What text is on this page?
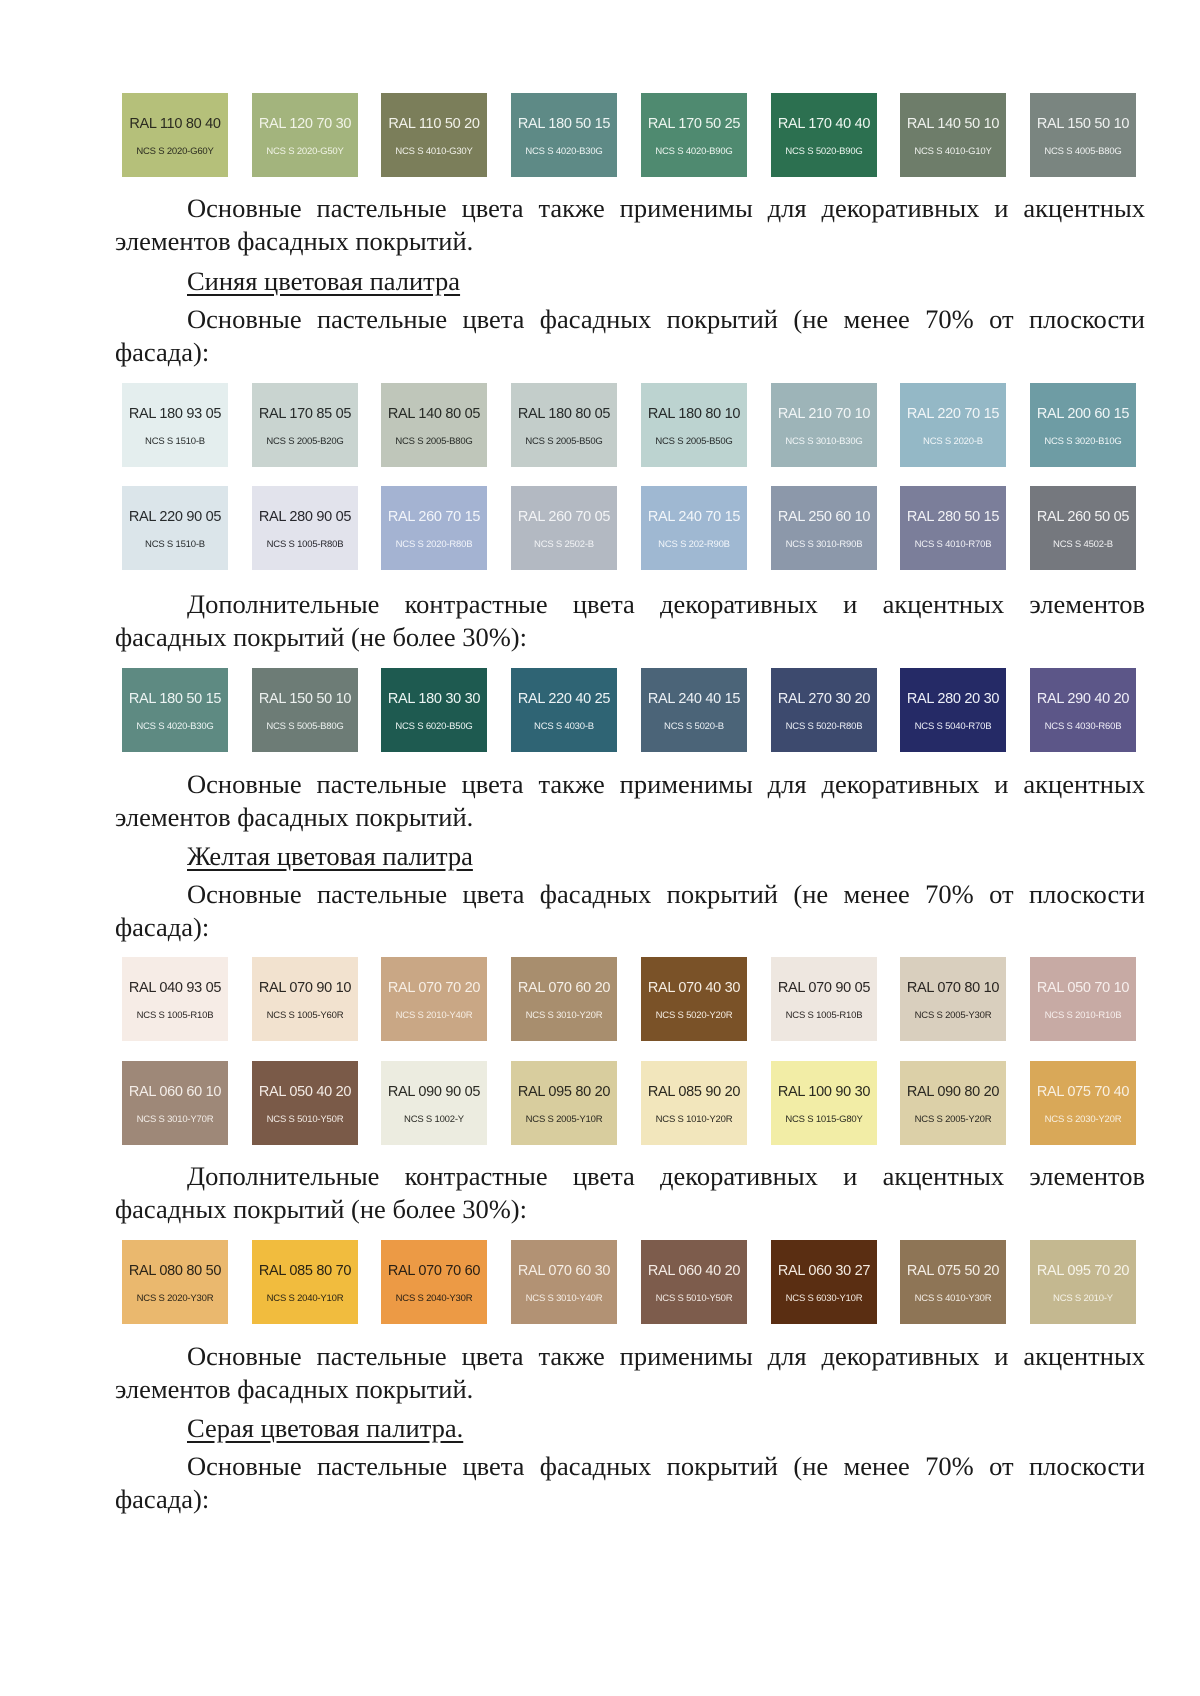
RAL 110 80 40
NCS S 2020-G60Y
RAL 120 70 30
NCS S 2020-G50Y
RAL 110 50 20
NCS S 4010-G30Y
RAL 180 50 15
NCS S 4020-B30G
RAL 170 50 25
NCS S 4020-B90G
RAL 170 40 40
NCS S 5020-B90G
RAL 140 50 10
NCS S 4010-G10Y
RAL 150 50 10
NCS S 4005-B80G

Основные пастельные цвета также применимы для декоративных и акцентных
элементов фасадных покрытий.

Синяя цветовая палитра

Основные пастельные цвета фасадных покрытий (не менее 70% от плоскости
фасада):

RAL 180 93 05
NCS S 1510-B
RAL 170 85 05
NCS S 2005-B20G
RAL 140 80 05
NCS S 2005-B80G
RAL 180 80 05
NCS S 2005-B50G
RAL 180 80 10
NCS S 2005-B50G
RAL 210 70 10
NCS S 3010-B30G
RAL 220 70 15
NCS S 2020-B
RAL 200 60 15
NCS S 3020-B10G
RAL 220 90 05
NCS S 1510-B
RAL 280 90 05
NCS S 1005-R80B
RAL 260 70 15
NCS S 2020-R80B
RAL 260 70 05
NCS S 2502-B
RAL 240 70 15
NCS S 202-R90B
RAL 250 60 10
NCS S 3010-R90B
RAL 280 50 15
NCS S 4010-R70B
RAL 260 50 05
NCS S 4502-B

Дополнительные контрастные цвета декоративных и акцентных элементов
фасадных покрытий (не более 30%):

RAL 180 50 15
NCS S 4020-B30G
RAL 150 50 10
NCS S 5005-B80G
RAL 180 30 30
NCS S 6020-B50G
RAL 220 40 25
NCS S 4030-B
RAL 240 40 15
NCS S 5020-B
RAL 270 30 20
NCS S 5020-R80B
RAL 280 20 30
NCS S 5040-R70B
RAL 290 40 20
NCS S 4030-R60B

Основные пастельные цвета также применимы для декоративных и акцентных
элементов фасадных покрытий.

Желтая цветовая палитра

Основные пастельные цвета фасадных покрытий (не менее 70% от плоскости
фасада):

RAL 040 93 05
NCS S 1005-R10B
RAL 070 90 10
NCS S 1005-Y60R
RAL 070 70 20
NCS S 2010-Y40R
RAL 070 60 20
NCS S 3010-Y20R
RAL 070 40 30
NCS S 5020-Y20R
RAL 070 90 05
NCS S 1005-R10B
RAL 070 80 10
NCS S 2005-Y30R
RAL 050 70 10
NCS S 2010-R10B
RAL 060 60 10
NCS S 3010-Y70R
RAL 050 40 20
NCS S 5010-Y50R
RAL 090 90 05
NCS S 1002-Y
RAL 095 80 20
NCS S 2005-Y10R
RAL 085 90 20
NCS S 1010-Y20R
RAL 100 90 30
NCS S 1015-G80Y
RAL 090 80 20
NCS S 2005-Y20R
RAL 075 70 40
NCS S 2030-Y20R

Дополнительные контрастные цвета декоративных и акцентных элементов
фасадных покрытий (не более 30%):

RAL 080 80 50
NCS S 2020-Y30R
RAL 085 80 70
NCS S 2040-Y10R
RAL 070 70 60
NCS S 2040-Y30R
RAL 070 60 30
NCS S 3010-Y40R
RAL 060 40 20
NCS S 5010-Y50R
RAL 060 30 27
NCS S 6030-Y10R
RAL 075 50 20
NCS S 4010-Y30R
RAL 095 70 20
NCS S 2010-Y

Основные пастельные цвета также применимы для декоративных и акцентных
элементов фасадных покрытий.

Серая цветовая палитра.

Основные пастельные цвета фасадных покрытий (не менее 70% от плоскости
фасада):
